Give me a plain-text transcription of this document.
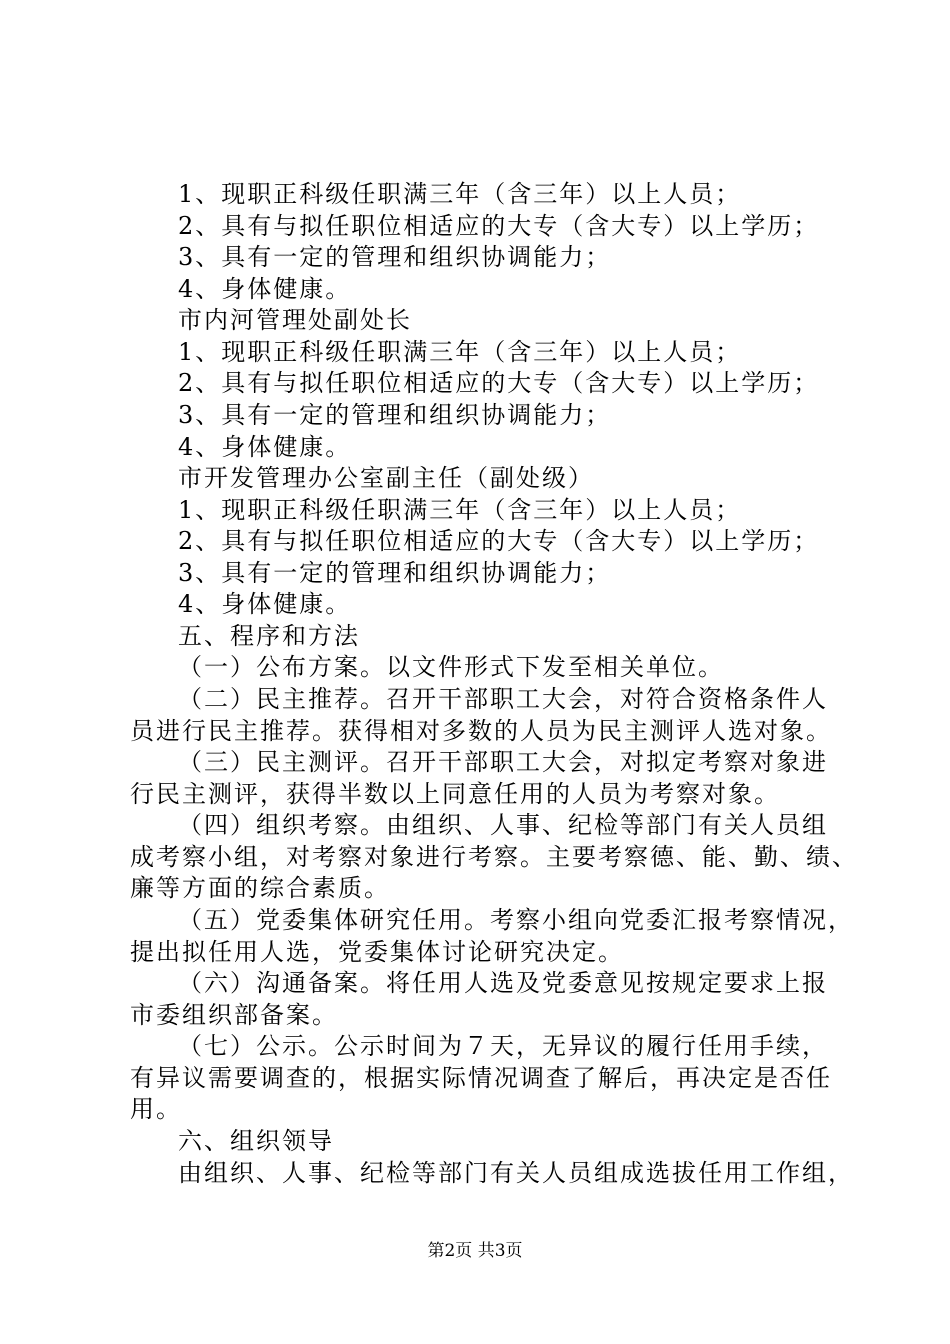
1、现职正科级任职满三年（含三年）以上人员；
2、具有与拟任职位相适应的大专（含大专）以上学历；
3、具有一定的管理和组织协调能力；
4、身体健康。
市内河管理处副处长
1、现职正科级任职满三年（含三年）以上人员；
2、具有与拟任职位相适应的大专（含大专）以上学历；
3、具有一定的管理和组织协调能力；
4、身体健康。
市开发管理办公室副主任（副处级）
1、现职正科级任职满三年（含三年）以上人员；
2、具有与拟任职位相适应的大专（含大专）以上学历；
3、具有一定的管理和组织协调能力；
4、身体健康。
五、程序和方法
（一）公布方案。以文件形式下发至相关单位。
（二）民主推荐。召开干部职工大会，对符合资格条件人
员进行民主推荐。获得相对多数的人员为民主测评人选对象。
（三）民主测评。召开干部职工大会，对拟定考察对象进
行民主测评，获得半数以上同意任用的人员为考察对象。
（四）组织考察。由组织、人事、纪检等部门有关人员组
成考察小组，对考察对象进行考察。主要考察德、能、勤、绩、
廉等方面的综合素质。
（五）党委集体研究任用。考察小组向党委汇报考察情况，
提出拟任用人选，党委集体讨论研究决定。
（六）沟通备案。将任用人选及党委意见按规定要求上报
市委组织部备案。
（七）公示。公示时间为７天，无异议的履行任用手续，
有异议需要调查的，根据实际情况调查了解后，再决定是否任
用。
六、组织领导
由组织、人事、纪检等部门有关人员组成选拔任用工作组，
第2页 共3页
